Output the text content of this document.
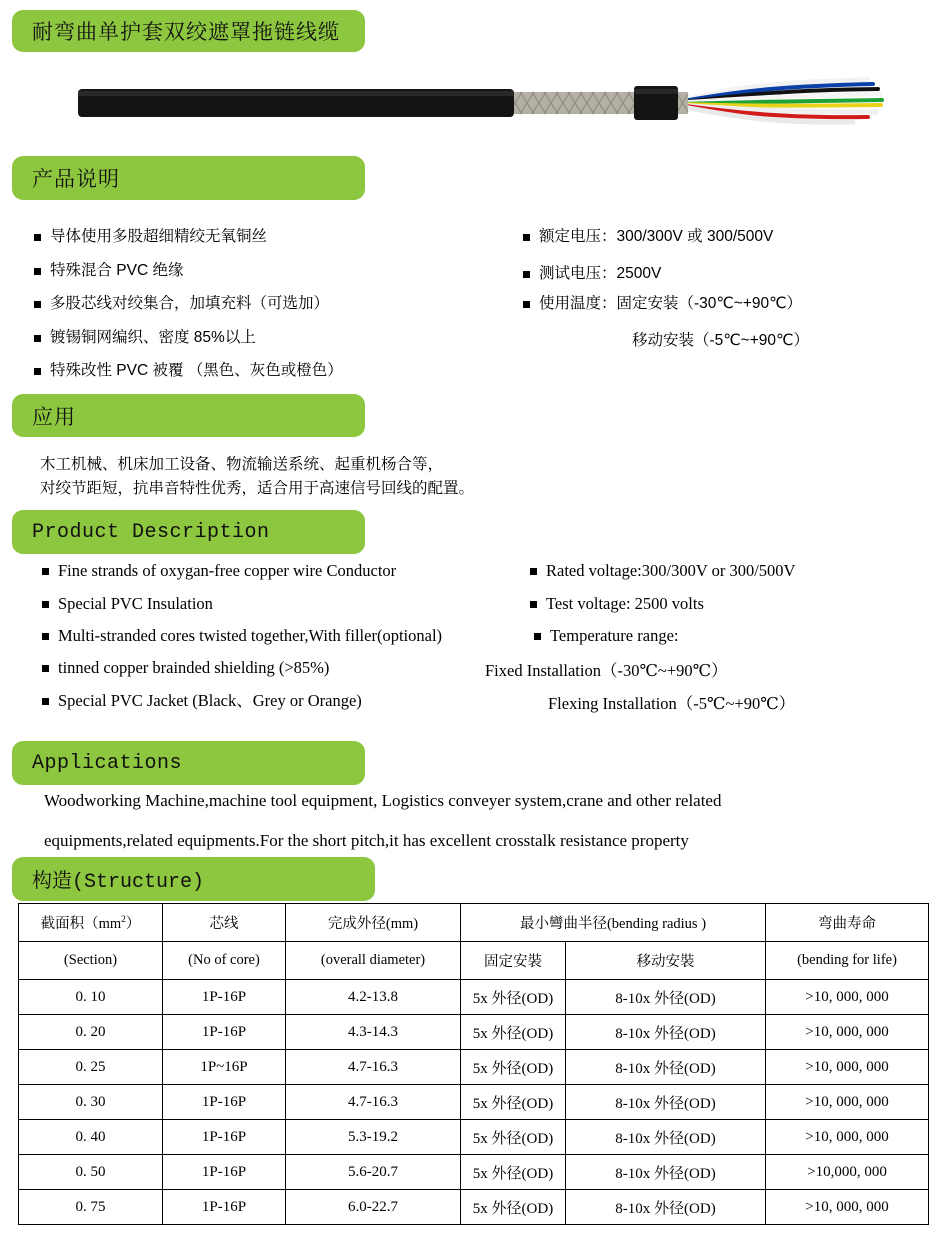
耐弯曲单护套双绞遮罩拖链线缆
产品说明
导体使用多股超细精绞无氧铜丝
特殊混合 PVC 绝缘
多股芯线对绞集合，加填充料（可选加）
镀锡铜网编织、密度 85%以上
特殊改性 PVC 被覆 （黑色、灰色或橙色）
额定电压：300/300V 或 300/500V
测试电压：2500V
使用温度：固定安装（-30℃~+90℃）
移动安装（-5℃~+90℃）
应用
木工机械、机床加工设备、物流输送系统、起重机杨合等，
对绞节距短，抗串音特性优秀，适合用于高速信号回线的配置。
Product Description
Fine strands of oxygan-free copper wire Conductor
Special PVC Insulation
Multi-stranded cores twisted together,With filler(optional)
tinned copper brainded shielding (>85%)
Special PVC Jacket (Black、Grey or Orange)
Rated voltage:300/300V or 300/500V
Test voltage: 2500 volts
Temperature range:
Fixed Installation（-30℃~+90℃）
Flexing Installation（-5℃~+90℃）
Applications
Woodworking Machine,machine tool equipment, Logistics conveyer system,crane and other related
equipments,related equipments.For the short pitch,it has excellent crosstalk resistance property
构造(Structure)
截面积$(mm^2)$	芯线	完成外径(mm)	最小彎曲半径(bending radius )		弯曲寿命
(Section)	(No of core)	(overall diameter)	固定安裝	移动安裝	(bending for life)
0. 10	1P-16P	4.2-13.8	5x 外径(OD)	8-10x 外径(OD)	>10, 000, 000
0. 20	1P-16P	4.3-14.3	5x 外径(OD)	8-10x 外径(OD)	>10, 000, 000
0. 25	1P~16P	4.7-16.3	5x 外径(OD)	8-10x 外径(OD)	>10, 000, 000
0. 30	1P-16P	4.7-16.3	5x 外径(OD)	8-10x 外径(OD)	>10, 000, 000
0. 40	1P-16P	5.3-19.2	5x 外径(OD)	8-10x 外径(OD)	>10, 000, 000
0. 50	1P-16P	5.6-20.7	5x 外径(OD)	8-10x 外径(OD)	>10,000, 000
0. 75	1P-16P	6.0-22.7	5x 外径(OD)	8-10x 外径(OD)	>10, 000, 000
